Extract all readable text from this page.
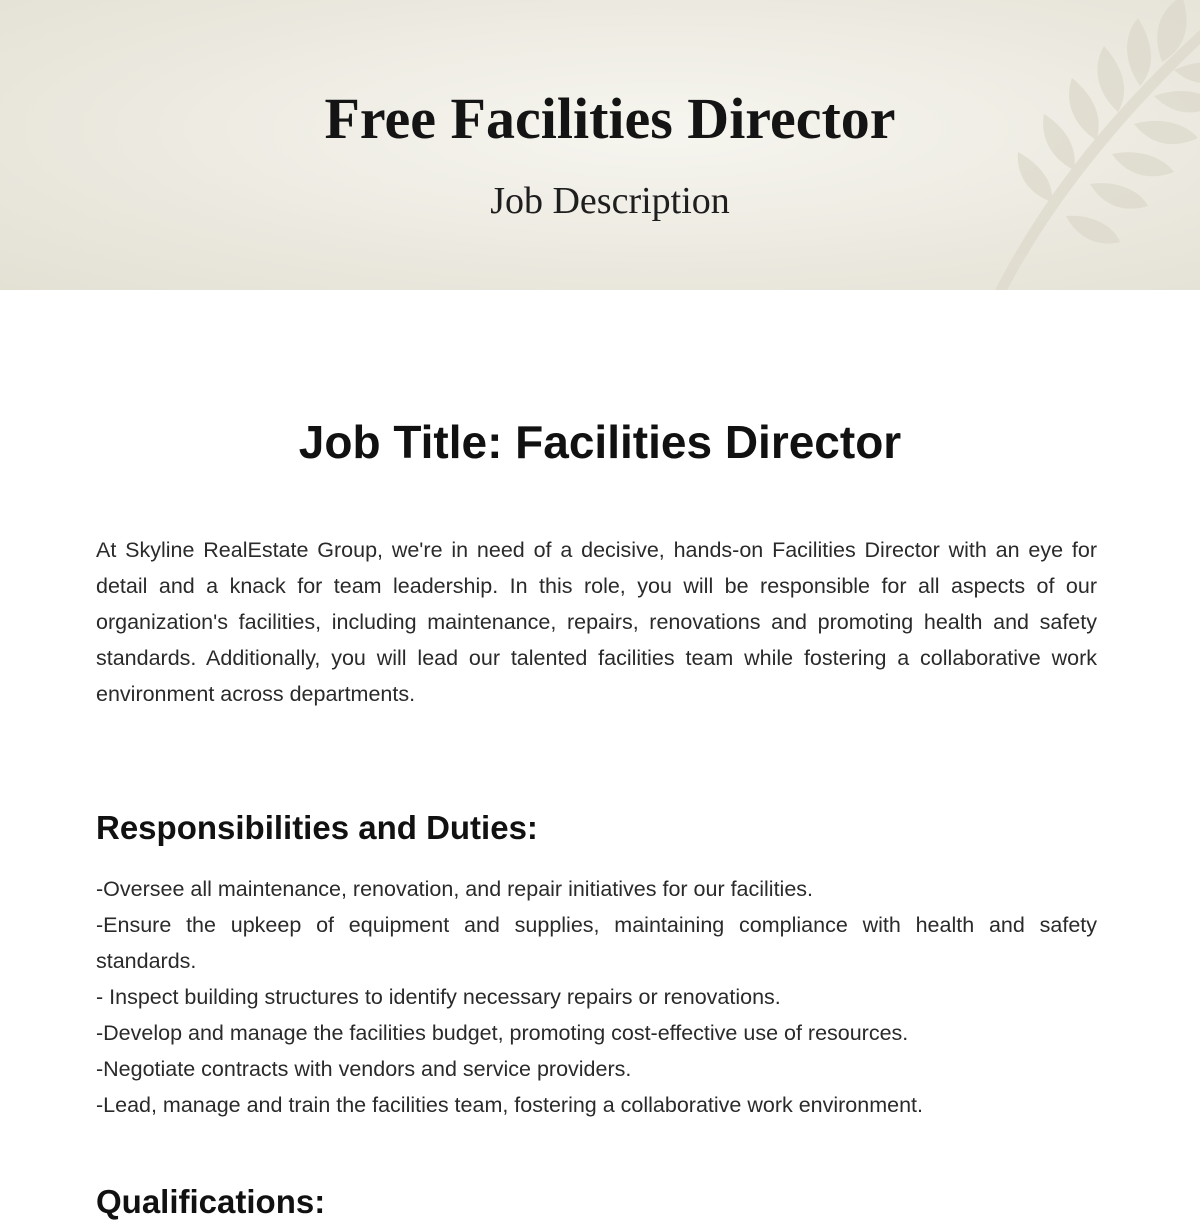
Free Facilities Director
Job Description
Job Title: Facilities Director

At Skyline RealEstate Group, we're in need of a decisive, hands-on Facilities Director with an eye for detail and a knack for team leadership. In this role, you will be responsible for all aspects of our organization's facilities, including maintenance, repairs, renovations and promoting health and safety standards. Additionally, you will lead our talented facilities team while fostering a collaborative work environment across departments.

Responsibilities and Duties:
-Oversee all maintenance, renovation, and repair initiatives for our facilities.
-Ensure the upkeep of equipment and supplies, maintaining compliance with health and safety standards.
- Inspect building structures to identify necessary repairs or renovations.
-Develop and manage the facilities budget, promoting cost-effective use of resources.
-Negotiate contracts with vendors and service providers.
-Lead, manage and train the facilities team, fostering a collaborative work environment.
Qualifications:
